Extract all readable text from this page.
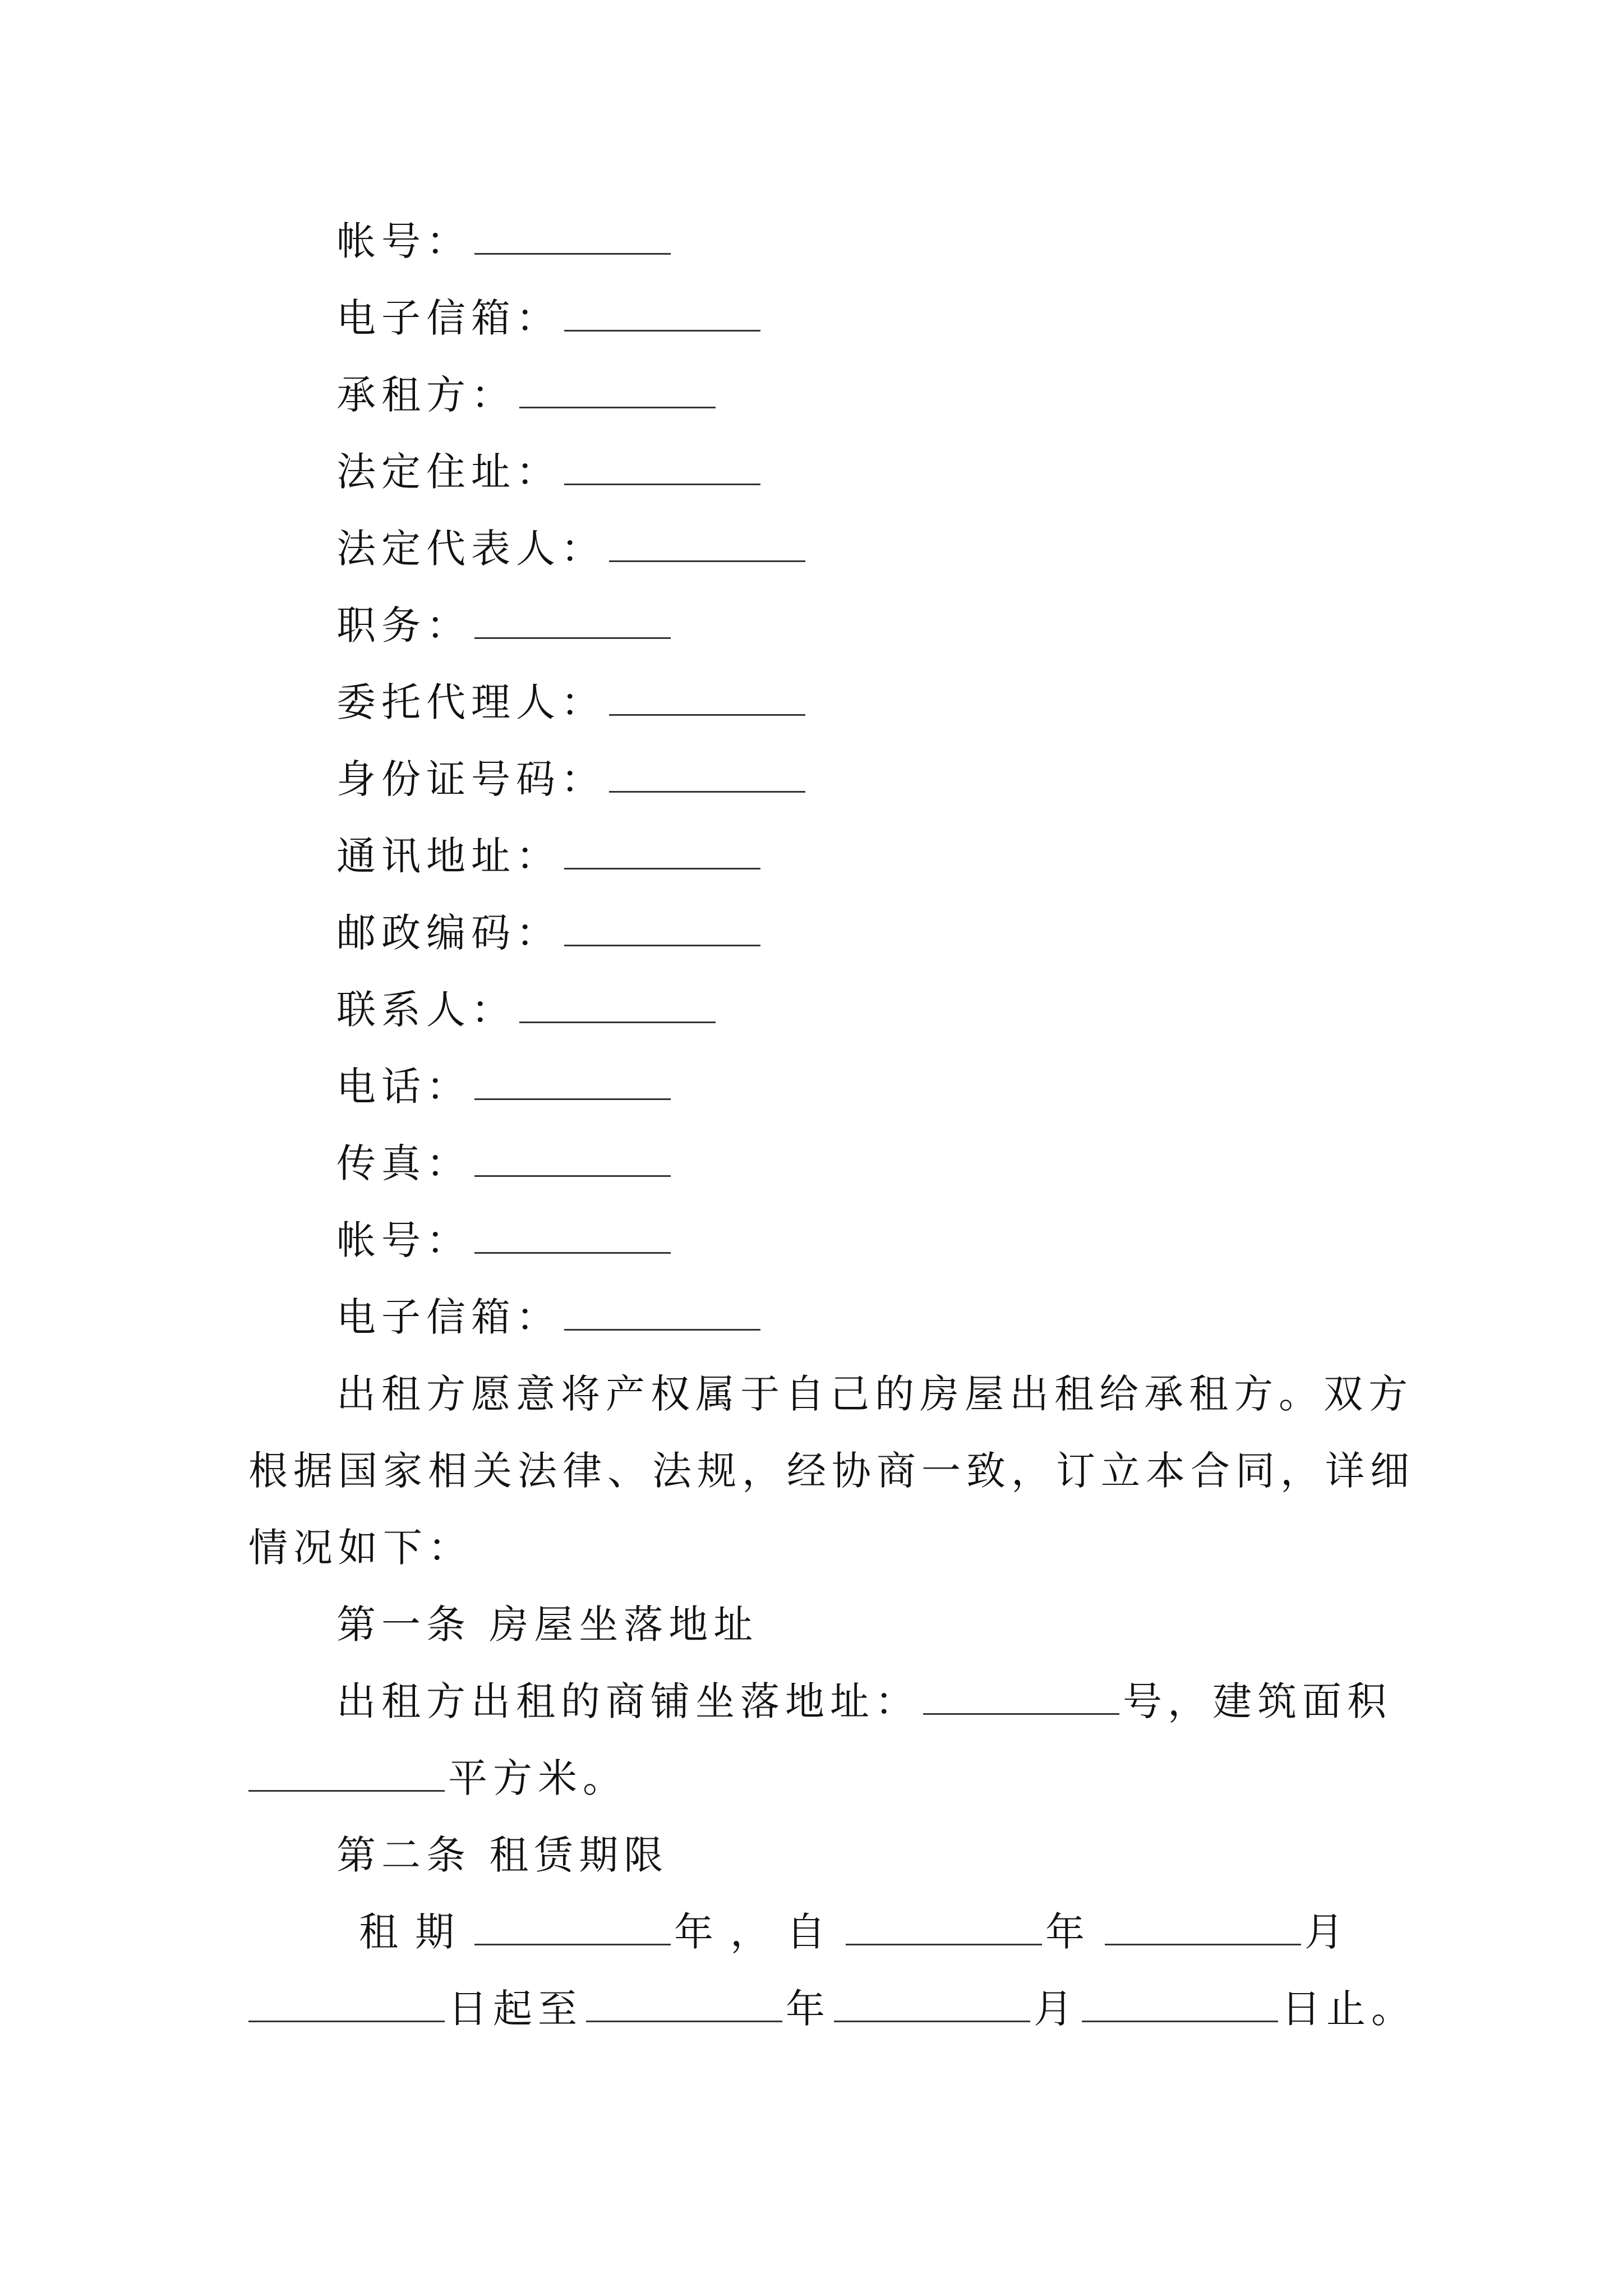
帐号：
电子信箱：
承租方：
法定住址：
法定代表人：
职务：
委托代理人：
身份证号码：
通讯地址：
邮政编码：
联系人：
电话：
传真：
帐号：
电子信箱：
出租方愿意将产权属于自己的房屋出租给承租方。双方
根据国家相关法律、法规，经协商一致，订立本合同，详细
情况如下：
第一条 房屋坐落地址
出租方出租的商铺坐落地址：	号，建筑面积
平方米。
第二条 租赁期限
租期	年，自	年	月
日起至	年	月	日止。
